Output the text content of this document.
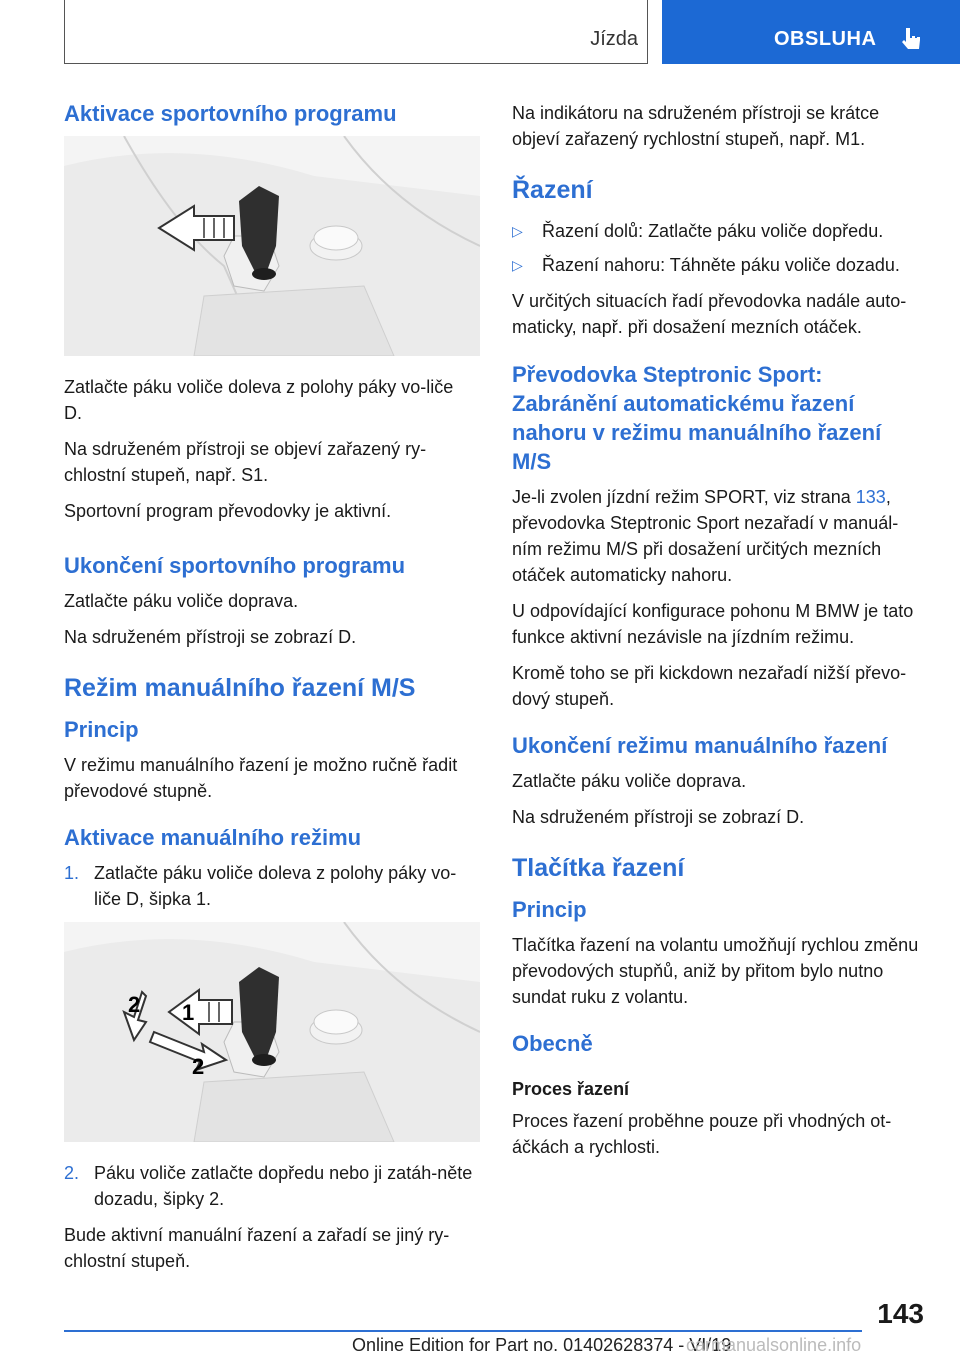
Jízda	OBSLUHA
Aktivace sportovního programu

Zatlačte páku voliče doleva z polohy páky vo-liče D.

Na sdruženém přístroji se objeví zařazený ry-chlostní stupeň, např. S1.

Sportovní program převodovky je aktivní.

Ukončení sportovního programu

Zatlačte páku voliče doprava.

Na sdruženém přístroji se zobrazí D.

Režim manuálního řazení M/S
Princip

V režimu manuálního řazení je možno ručně řadit převodové stupně.

Aktivace manuálního režimu
1. Zatlačte páku voliče doleva z polohy páky vo-liče D, šipka 1.
1
2
2
2. Páku voliče zatlačte dopředu nebo ji zatáh-něte dozadu, šipky 2.

Bude aktivní manuální řazení a zařadí se jiný ry-chlostní stupeň.

Na indikátoru na sdruženém přístroji se krátce objeví zařazený rychlostní stupeň, např. M1.

Řazení
▷ Řazení dolů: Zatlačte páku voliče dopředu.
▷ Řazení nahoru: Táhněte páku voliče dozadu.

V určitých situacích řadí převodovka nadále auto-maticky, např. při dosažení mezních otáček.

Převodovka Steptronic Sport: Zabránění automatickému řazení nahoru v režimu manuálního řazení M/S

Je-li zvolen jízdní režim SPORT, viz strana 133, převodovka Steptronic Sport nezařadí v manuál-ním režimu M/S při dosažení určitých mezních otáček automaticky nahoru.

U odpovídající konfigurace pohonu M BMW je tato funkce aktivní nezávisle na jízdním režimu.

Kromě toho se při kickdown nezařadí nižší převo-dový stupeň.

Ukončení režimu manuálního řazení

Zatlačte páku voliče doprava.

Na sdruženém přístroji se zobrazí D.

Tlačítka řazení
Princip

Tlačítka řazení na volantu umožňují rychlou změnu převodových stupňů, aniž by přitom bylo nutno sundat ruku z volantu.

Obecně
Proces řazení

Proces řazení proběhne pouze při vhodných ot-áčkách a rychlosti.

143
Online Edition for Part no. 01402628374 - VI/19
carmanualsonline.info
